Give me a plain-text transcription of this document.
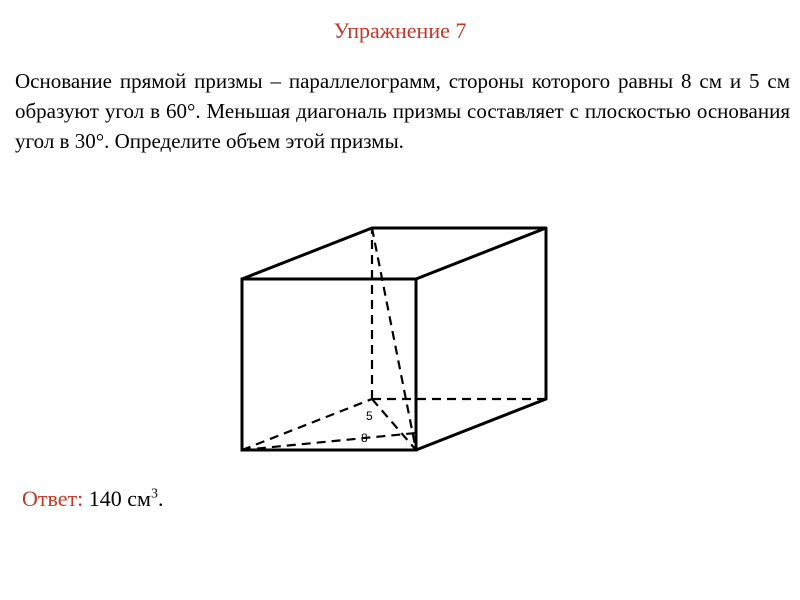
Упражнение 7
Основание прямой призмы – параллелограмм, стороны которого равны 8 см и 5 см образуют угол в 60°. Меньшая диагональ призмы составляет с плоскостью основания угол в 30°. Определите объем этой призмы.
5
8
Ответ: 140 $см^3$.
